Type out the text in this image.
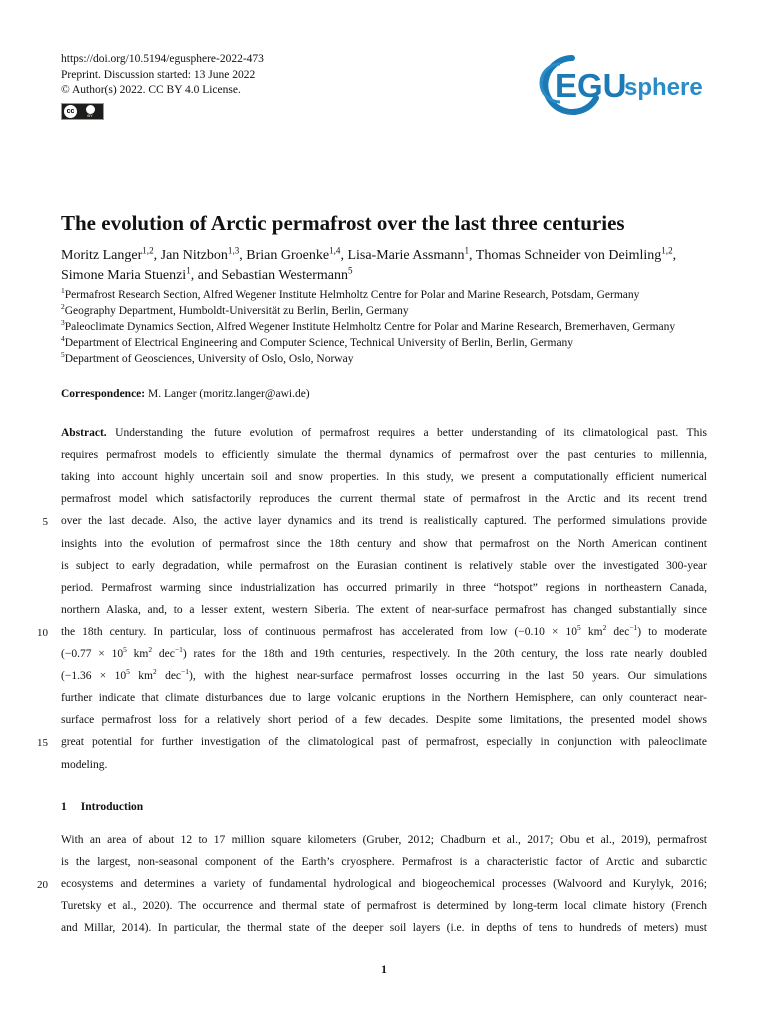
https://doi.org/10.5194/egusphere-2022-473
Preprint. Discussion started: 13 June 2022
© Author(s) 2022. CC BY 4.0 License.
cc
BY
EGU
sphere
The evolution of Arctic permafrost over the last three centuries
Moritz Langer$^{1,2}$, Jan Nitzbon$^{1,3}$, Brian Groenke$^{1,4}$, Lisa-Marie Assmann$^1$, Thomas Schneider von Deimling$^{1,2}$, Simone Maria Stuenzi$^1$, and Sebastian Westermann$^5$
$^1$Permafrost Research Section, Alfred Wegener Institute Helmholtz Centre for Polar and Marine Research, Potsdam, Germany
$^2$Geography Department, Humboldt-Universität zu Berlin, Berlin, Germany
$^3$Paleoclimate Dynamics Section, Alfred Wegener Institute Helmholtz Centre for Polar and Marine Research, Bremerhaven, Germany
$^4$Department of Electrical Engineering and Computer Science, Technical University of Berlin, Berlin, Germany
$^5$Department of Geosciences, University of Oslo, Oslo, Norway
Correspondence: M. Langer (moritz.langer@awi.de)
Abstract. Understanding the future evolution of permafrost requires a better understanding of its climatological past. This
requires permafrost models to efficiently simulate the thermal dynamics of permafrost over the past centuries to millennia,
taking into account highly uncertain soil and snow properties. In this study, we present a computationally efficient numerical
permafrost model which satisfactorily reproduces the current thermal state of permafrost in the Arctic and its recent trend
over the last decade. Also, the active layer dynamics and its trend is realistically captured. The performed simulations provide
5
insights into the evolution of permafrost since the 18th century and show that permafrost on the North American continent
is subject to early degradation, while permafrost on the Eurasian continent is relatively stable over the investigated 300-year
period. Permafrost warming since industrialization has occurred primarily in three “hotspot” regions in northeastern Canada,
northern Alaska, and, to a lesser extent, western Siberia. The extent of near-surface permafrost has changed substantially since
the 18th century. In particular, loss of continuous permafrost has accelerated from low ($-0.10 \times 10^5$ $km^2$ dec$^{-1}$) to moderate
10
($-0.77 \times 10^5$ $km^2$ dec$^{-1}$) rates for the 18th and 19th centuries, respectively. In the 20th century, the loss rate nearly doubled
($-1.36 \times 10^5$ $km^2$ dec$^{-1}$), with the highest near-surface permafrost losses occurring in the last 50 years. Our simulations
further indicate that climate disturbances due to large volcanic eruptions in the Northern Hemisphere, can only counteract near-
surface permafrost loss for a relatively short period of a few decades. Despite some limitations, the presented model shows
great potential for further investigation of the climatological past of permafrost, especially in conjunction with paleoclimate
15
modeling.
1 Introduction
With an area of about 12 to 17 million square kilometers (Gruber, 2012; Chadburn et al., 2017; Obu et al., 2019), permafrost
is the largest, non-seasonal component of the Earth’s cryosphere. Permafrost is a characteristic factor of Arctic and subarctic
ecosystems and determines a variety of fundamental hydrological and biogeochemical processes (Walvoord and Kurylyk, 2016;
20
Turetsky et al., 2020). The occurrence and thermal state of permafrost is determined by long-term local climate history (French
and Millar, 2014). In particular, the thermal state of the deeper soil layers (i.e. in depths of tens to hundreds of meters) must
1
